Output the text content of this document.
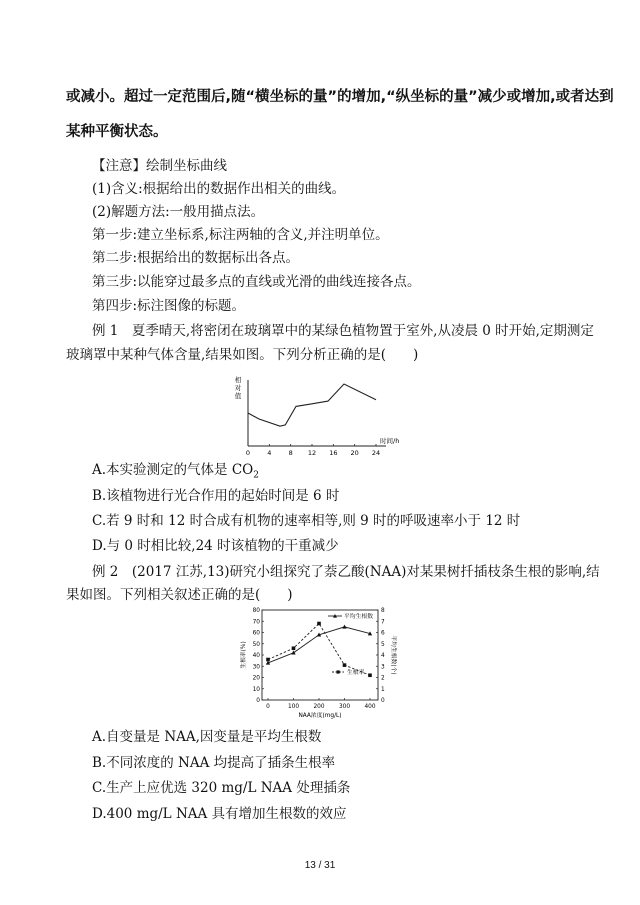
或减小。超过一定范围后,随“横坐标的量”的增加,“纵坐标的量”减少或增加,或者达到
某种平衡状态。
【注意】绘制坐标曲线
(1)含义:根据给出的数据作出相关的曲线。
(2)解题方法:一般用描点法。
第一步:建立坐标系,标注两轴的含义,并注明单位。
第二步:根据给出的数据标出各点。
第三步:以能穿过最多点的直线或光滑的曲线连接各点。
第四步:标注图像的标题。
例 1　夏季晴天,将密闭在玻璃罩中的某绿色植物置于室外,从凌晨 0 时开始,定期测定
玻璃罩中某种气体含量,结果如图。下列分析正确的是(　　)
相
对
值
0	4	8 12 16 20 24
时间/h
A.本实验测定的气体是 $CO_2$
B.该植物进行光合作用的起始时间是 6 时
C.若 9 时和 12 时合成有机物的速率相等,则 9 时的呼吸速率小于 12 时
D.与 0 时相比较,24 时该植物的干重减少
例 2　(2017 江苏,13)研究小组探究了萘乙酸(NAA)对某果树扦插枝条生根的影响,结
果如图。下列相关叙述正确的是(　　)
0
10
20
30
40
50
60
70
80
0
1
2
3
4
5
6
7
8
0	100 200 300 400
NAA浓度(mg/L)
生根率(%)	平均生根数(个)
平均生根数
生根率
A.自变量是 NAA,因变量是平均生根数
B.不同浓度的 NAA 均提高了插条生根率
C.生产上应优选 320 mg/L NAA 处理插条
D.400 mg/L NAA 具有增加生根数的效应
13 / 31
